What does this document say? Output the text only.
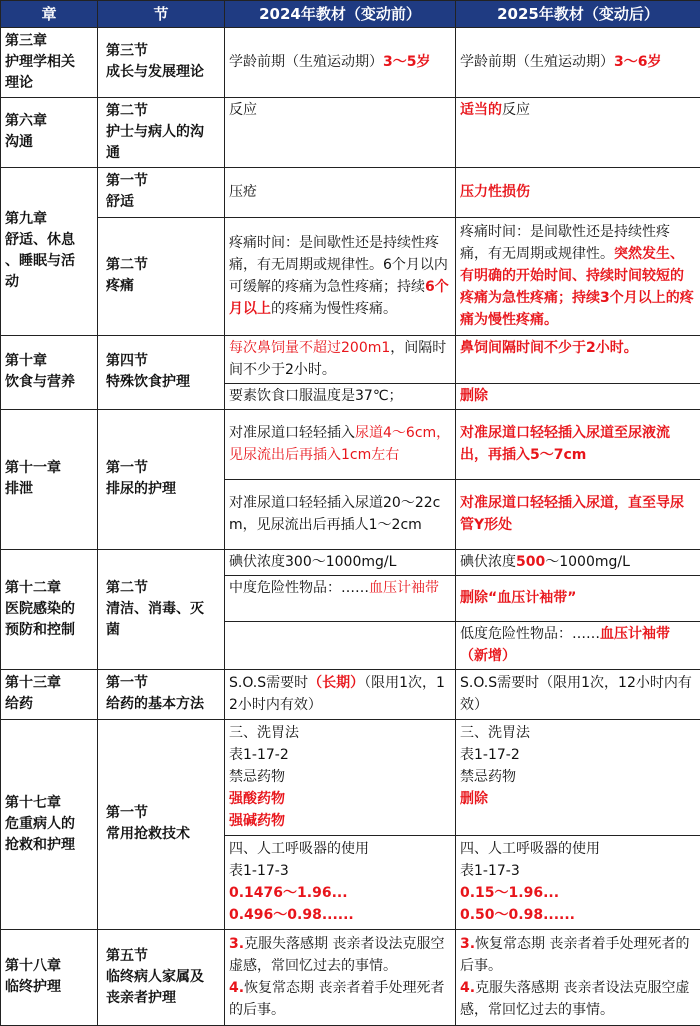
章	节	2024年教材（变动前）	2025年教材（变动后）

第三章
护理学相关
理论	第三节
成长与发展理论	学龄前期（生殖运动期）3～5岁	学龄前期（生殖运动期）3～6岁

第六章
沟通	第二节
护士与病人的沟
通	反应	适当的反应

第九章
舒适、休息
、睡眠与活
动	第一节
舒适	压疮	压力性损伤

	第二节
疼痛	疼痛时间：是间歇性还是持续性疼痛，有无周期或规律性。6个月以内可缓解的疼痛为急性疼痛；持续6个月以上的疼痛为慢性疼痛。	疼痛时间：是间歇性还是持续性疼痛，有无周期或规律性。突然发生、有明确的开始时间、持续时间较短的疼痛为急性疼痛；持续3个月以上的疼痛为慢性疼痛。

第十章
饮食与营养	第四节
特殊饮食护理	每次鼻饲量不超过200m1，间隔时间不少于2小时。	鼻饲间隔时间不少于2小时。
		要素饮食口服温度是37℃；	删除

第十一章
排泄	第一节
排尿的护理	对准尿道口轻轻插入尿道4～6cm，见尿流出后再插入1cm左右	对准尿道口轻轻插入尿道至尿液流出，再插入5～7cm
		对准尿道口轻轻插入尿道20～22cm，见尿流出后再插人1～2cm	对准尿道口轻轻插入尿道，直至导尿管Y形处

第十二章
医院感染的
预防和控制	第二节
清洁、消毒、灭
菌	碘伏浓度300～1000mg/L	碘伏浓度500～1000mg/L
		中度危险性物品：……血压计袖带	删除“血压计袖带”
			低度危险性物品：……血压计袖带（新增）

第十三章
给药	第一节
给药的基本方法	S.O.S需要时（长期）（限用1次，12小时内有效）	S.O.S需要时（限用1次，12小时内有效）

第十七章
危重病人的
抢救和护理	第一节
常用抢救技术	三、洗胃法
表1-17-2
禁忌药物
强酸药物
强碱药物	三、洗胃法
表1-17-2
禁忌药物
删除

		四、人工呼吸器的使用
表1-17-3
0.1476～1.96...
0.496～0.98......	四、人工呼吸器的使用
表1-17-3
0.15～1.96...
0.50～0.98......

第十八章
临终护理	第五节
临终病人家属及
丧亲者护理	3.克服失落感期 丧亲者设法克服空虚感，常回忆过去的事情。
4.恢复常态期 丧亲者着手处理死者的后事。	3.恢复常态期 丧亲者着手处理死者的后事。
4.克服失落感期 丧亲者设法克服空虚感，常回忆过去的事情。
